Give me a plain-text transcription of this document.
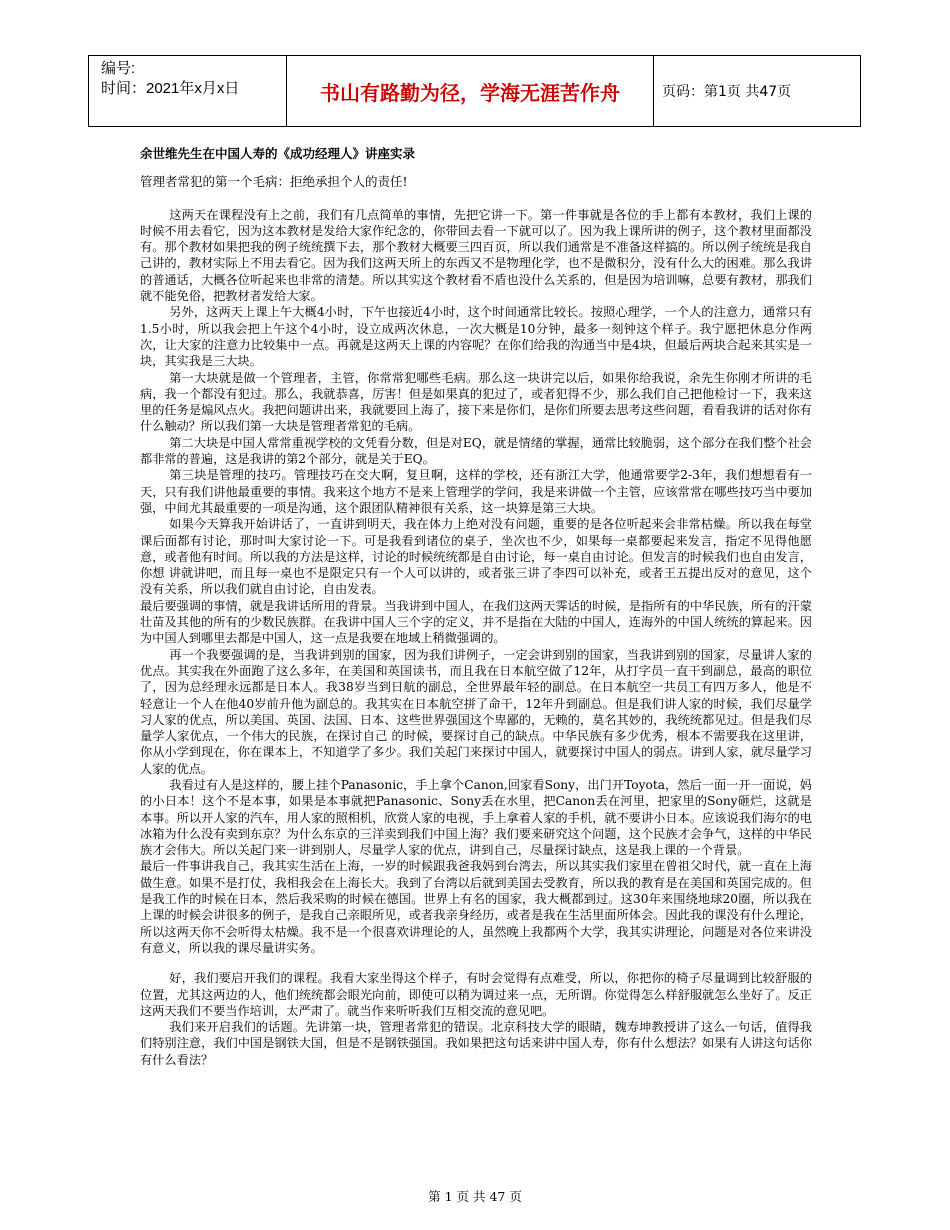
编号:
时间：2021年x月x日	书山有路勤为径，学海无涯苦作舟	页码：第1页 共47页
余世维先生在中国人寿的《成功经理人》讲座实录
管理者常犯的第一个毛病：拒绝承担个人的责任!

这两天在课程没有上之前，我们有几点简单的事情，先把它讲一下。第一件事就是各位的手上都有本教材，我们上课的时候不用去看它，因为这本教材是发给大家作纪念的，你带回去看一下就可以了。因为我上课所讲的例子，这个教材里面都没有。那个教材如果把我的例子统统撰下去，那个教材大概要三四百页，所以我们通常是不准备这样搞的。所以例子统统是我自己讲的，教材实际上不用去看它。因为我们这两天所上的东西又不是物理化学，也不是微积分，没有什么大的困难。那么我讲的普通话，大概各位听起来也非常的清楚。所以其实这个教材看不盾也没什么关系的，但是因为培训嘛，总要有教材，那我们就不能免俗，把教材者发给大家。

另外，这两天上课上午大概4小时，下午也接近4小时，这个时间通常比较长。按照心理学，一个人的注意力，通常只有1.5小时，所以我会把上午这个4小时，设立成两次休息，一次大概是10分钟，最多一刻钟这个样子。我宁愿把休息分作两次，让大家的注意力比较集中一点。再就是这两天上课的内容呢？在你们给我的沟通当中是4块，但最后两块合起来其实是一块，其实我是三大块。

第一大块就是做一个管理者，主管，你常常犯哪些毛病。那么这一块讲完以后，如果你给我说，余先生你刚才所讲的毛病，我一个都没有犯过。那么，我就恭喜，厉害！但是如果真的犯过了，或者犯得不少，那么我们自己把他检讨一下，我来这里的任务是煽风点火。我把问题讲出来，我就要回上海了，接下来是你们，是你们所要去思考这些问题，看看我讲的话对你有什么触动？所以我们第一大块是管理者常犯的毛病。

第二大块是中国人常常重视学校的文凭看分数，但是对EQ，就是情绪的掌握，通常比较脆弱，这个部分在我们整个社会都非常的普遍，这是我讲的第2个部分，就是关于EQ。

第三块是管理的技巧。管理技巧在交大啊，复旦啊，这样的学校，还有浙江大学，他通常要学2-3年，我们想想看有一天，只有我们讲他最重要的事情。我来这个地方不是来上管理学的学问，我是来讲做一个主管，应该常常在哪些技巧当中要加强，中间尤其最重要的一项是沟通，这个跟团队精神很有关系，这一块算是第三大块。

如果今天算我开始讲话了，一直讲到明天，我在体力上绝对没有问题，重要的是各位听起来会非常枯燥。所以我在每堂课后面都有讨论，那时叫大家讨论一下。可是我看到诸位的桌子，坐次也不少，如果每一桌都要起来发言，指定不见得他愿意，或者他有时间。所以我的方法是这样，讨论的时候统统都是自由讨论，每一桌自由讨论。但发言的时候我们也自由发言，你想 讲就讲吧，而且每一桌也不是限定只有一个人可以讲的，或者张三讲了李四可以补充，或者王五提出反对的意见，这个没有关系，所以我们就自由讨论，自由发表。

最后要强调的事情，就是我讲话所用的背景。当我讲到中国人，在我们这两天霁话的时候，是指所有的中华民族，所有的汗蒙壮苗及其他的所有的少数民族群。在我讲中国人三个字的定义，并不是指在大陆的中国人，连海外的中国人统统的算起来。因为中国人到哪里去都是中国人，这一点是我要在地域上稍微强调的。

再一个我要强调的是，当我讲到别的国家，因为我们讲例子，一定会讲到别的国家，当我讲到别的国家，尽量讲人家的优点。其实我在外面跑了这么多年，在美国和英国读书，而且我在日本航空做了12年，从打字员一直干到副总，最高的职位了，因为总经理永远都是日本人。我38岁当到日航的副总，全世界最年轻的副总。在日本航空一共员工有四万多人，他是不轻意让一个人在他40岁前升他为副总的。我其实在日本航空拼了命干，12年升到副总。但是我们讲人家的时候，我们尽量学习人家的优点，所以美国、英国、法国、日本、这些世界强国这个卑鄙的，无赖的，莫名其妙的，我统统都见过。但是我们尽量学人家优点，一个伟大的民族，在探讨自己 的时候，要探讨自己的缺点。中华民族有多少优秀，根本不需要我在这里讲，你从小学到现在，你在课本上，不知道学了多少。我们关起门来探讨中国人，就要探讨中国人的弱点。讲到人家，就尽量学习人家的优点。

我看过有人是这样的，腰上挂个Panasonic，手上拿个Canon,回家看Sony，出门开Toyota，然后一面一开一面说，妈的小日本！这个不是本事，如果是本事就把Panasonic、Sony丢在水里，把Canon丢在河里，把家里的Sony砸烂，这就是本事。所以开人家的汽车，用人家的照相机，欣赏人家的电视，手上拿着人家的手机，就不要讲小日本。应该说我们海尔的电冰箱为什么没有卖到东京？为什么东京的三洋卖到我们中国上海？我们要来研究这个问题，这个民族才会争气，这样的中华民族才会伟大。所以关起门来一讲到别人，尽量学人家的优点，讲到自己，尽量探讨缺点，这是我上课的一个背景。

最后一件事讲我自己，我其实生活在上海，一岁的时候跟我爸我妈到台湾去，所以其实我们家里在曾祖父时代，就一直在上海做生意。如果不是打仗，我相我会在上海长大。我到了台湾以后就到美国去受教育，所以我的教育是在美国和英国完成的。但是我工作的时候在日本，然后我采购的时候在德国。世界上有名的国家，我大概都到过。这30年来围绕地球20圈，所以我在上课的时候会讲很多的例子，是我自己亲眼所见，或者我亲身经历，或者是我在生活里面所体会。因此我的课没有什么理论，所以这两天你不会听得太枯燥。我不是一个很喜欢讲理论的人，虽然晚上我都两个大学，我其实讲理论，问题是对各位来讲没有意义，所以我的课尽量讲实务。

好，我们要启开我们的课程。我看大家坐得这个样子，有时会觉得有点难受，所以，你把你的椅子尽量调到比较舒服的位置，尤其这两边的人，他们统统都会眼光向前，即使可以稍为调过来一点，无所谓。你觉得怎么样舒服就怎么坐好了。反正这两天我们不要当作培训，太严肃了。就当作来听听我们互相交流的意见吧。

我们来开启我们的话题。先讲第一块，管理者常犯的错误。北京科技大学的眼睛，魏寿坤教授讲了这么一句话，值得我们特别注意，我们中国是钢铁大国，但是不是钢铁强国。我如果把这句话来讲中国人寿，你有什么想法？如果有人讲这句话你有什么看法？

第 1 页 共 47 页
